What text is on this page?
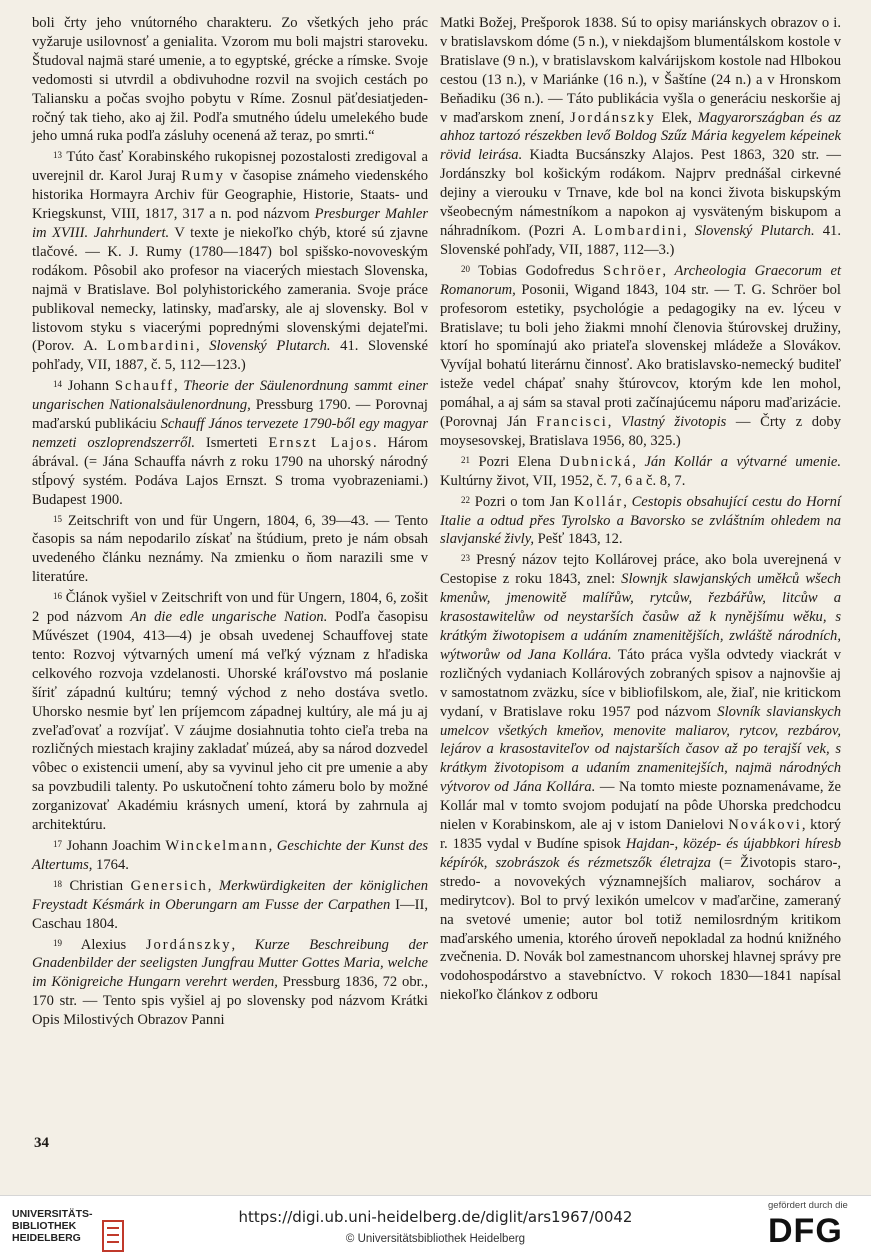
boli črty jeho vnútorného charakteru. Zo všetkých jeho prác vyžaruje usilovnosť a genialita. Vzorom mu boli majstri staroveku. Študoval najmä staré umenie, a to egyptské, grécke a rímske. Svoje vedomosti si utvrdil a obdivuhodne rozvil na svojich cestách po Taliansku a počas svojho pobytu v Ríme. Zosnul päťdesiatjeden-ročný tak tieho, ako aj žil. Podľa smutného údelu umelekého bude jeho umná ruka podľa zásluhy ocenená až teraz, po smrti.“

$^{13}$ Túto časť Korabinského rukopisnej pozostalosti zredigoval a uverejnil dr. Karol Juraj Rumy v časopise známeho viedenského historika Hormayra Archiv für Geographie, Historie, Staats- und Kriegskunst, VIII, 1817, 317 a n. pod názvom Presburger Mahler im XVIII. Jahrhundert. V texte je niekoľko chýb, ktoré sú zjavne tlačové. — K. J. Rumy (1780—1847) bol spišsko-novoveským rodákom. Pôsobil ako profesor na viacerých miestach Slovenska, najmä v Bratislave. Bol polyhistorického zamerania. Svoje práce publikoval nemecky, latinsky, maďarsky, ale aj slovensky. Bol v listovom styku s viacerými poprednými slovenskými dejateľmi. (Porov. A. Lombardini, Slovenský Plutarch. 41. Slovenské pohľady, VII, 1887, č. 5, 112—123.)

$^{14}$ Johann Schauff, Theorie der Säulenordnung sammt einer ungarischen Nationalsäulenordnung, Pressburg 1790. — Porovnaj maďarskú publikáciu Schauff János tervezete 1790-ből egy magyar nemzeti oszloprendszerről. Ismerteti Ernszt Lajos. Három ábrával. (= Jána Schauffa návrh z roku 1790 na uhorský národný stĺpový systém. Podáva Lajos Ernszt. S troma vyobrazeniami.) Budapest 1900.

$^{15}$ Zeitschrift von und für Ungern, 1804, 6, 39—43. — Tento časopis sa nám nepodarilo získať na štúdium, preto je nám obsah uvedeného článku neznámy. Na zmienku o ňom narazili sme v literatúre.

$^{16}$ Článok vyšiel v Zeitschrift von und für Ungern, 1804, 6, zošit 2 pod názvom An die edle ungarische Nation. Podľa časopisu Művészet (1904, 413—4) je obsah uvedenej Schauffovej state tento: Rozvoj výtvarných umení má veľký význam z hľadiska celkového rozvoja vzdelanosti. Uhorské kráľovstvo má poslanie šíriť západnú kultúru; temný východ z neho dostáva svetlo. Uhorsko nesmie byť len príjemcom západnej kultúry, ale má ju aj zveľaďovať a rozvíjať. V záujme dosiahnutia tohto cieľa treba na rozličných miestach krajiny zakladať múzeá, aby sa národ dozvedel vôbec o existencii umení, aby sa vyvinul jeho cit pre umenie a aby sa povzbudili talenty. Po uskutočnení tohto zámeru bolo by možné zorganizovať Akadémiu krásnych umení, ktorá by zahrnula aj architektúru.

$^{17}$ Johann Joachim Winckelmann, Geschichte der Kunst des Altertums, 1764.

$^{18}$ Christian Genersich, Merkwürdigkeiten der königlichen Freystadt Késmárk in Oberungarn am Fusse der Carpathen I—II, Caschau 1804.

$^{19}$ Alexius Jordánszky, Kurze Beschreibung der Gnadenbilder der seeligsten Jungfrau Mutter Gottes Maria, welche im Königreiche Hungarn verehrt werden, Pressburg 1836, 72 obr., 170 str. — Tento spis vyšiel aj po slovensky pod názvom Krátki Opis Milostivých Obrazov Panni

Matki Božej, Prešporok 1838. Sú to opisy mariánskych obrazov o i. v bratislavskom dóme (5 n.), v niekdajšom blumentálskom kostole v Bratislave (9 n.), v bratislavskom kalvárijskom kostole nad Hlbokou cestou (13 n.), v Mariánke (16 n.), v Šaštíne (24 n.) a v Hronskom Beňadiku (36 n.). — Táto publikácia vyšla o generáciu neskoršie aj v maďarskom znení, Jordánszky Elek, Magyarországban és az ahhoz tartozó részekben levő Boldog Szűz Mária kegyelem képeinek rövid leirása. Kiadta Bucsánszky Alajos. Pest 1863, 320 str. — Jordánszky bol košickým rodákom. Najprv prednášal cirkevné dejiny a vierouku v Trnave, kde bol na konci života biskupským všeobecným námestníkom a napokon aj vysväteným biskupom a náhradníkom. (Pozri A. Lombardini, Slovenský Plutarch. 41. Slovenské pohľady, VII, 1887, 112—3.)

$^{20}$ Tobias Godofredus Schröer, Archeologia Graecorum et Romanorum, Posonii, Wigand 1843, 104 str. — T. G. Schröer bol profesorom estetiky, psychológie a pedagogiky na ev. lýceu v Bratislave; tu boli jeho žiakmi mnohí členovia štúrovskej družiny, ktorí ho spomínajú ako priateľa slovenskej mládeže a Slovákov. Vyvíjal bohatú literárnu činnosť. Ako bratislavsko-nemecký buditeľ isteže vedel chápať snahy štúrovcov, ktorým kde len mohol, pomáhal, a aj sám sa staval proti začínajúcemu náporu maďarizácie. (Porovnaj Ján Francisci, Vlastný životopis — Črty z doby moysesovskej, Bratislava 1956, 80, 325.)

$^{21}$ Pozri Elena Dubnická, Ján Kollár a výtvarné umenie. Kultúrny život, VII, 1952, č. 7, 6 a č. 8, 7.

$^{22}$ Pozri o tom Jan Kollár, Cestopis obsahující cestu do Horní Italie a odtud přes Tyrolsko a Bavorsko se zvláštním ohledem na slavjanské živly, Pešť 1843, 12.

$^{23}$ Presný názov tejto Kollárovej práce, ako bola uverejnená v Cestopise z roku 1843, znel: Slownjk slawjanských uměłců wšech kmenůw, jmenowitě malířůw, rytcůw, řezbářůw, litcůw a krasostawitelůw od neystarších časůw až k nynějšímu wěku, s krátkým žiwotopisem a udáním znamenitějších, zwláště národních, wýtworůw od Jana Kollára. Táto práca vyšla odvtedy viackrát v rozličných vydaniach Kollárových zobraných spisov a najnovšie aj v samostatnom zväzku, síce v bibliofilskom, ale, žiaľ, nie kritickom vydaní, v Bratislave roku 1957 pod názvom Slovník slavianskych umelcov všetkých kmeňov, menovite maliarov, rytcov, rezbárov, lejárov a krasostaviteľov od najstarších časov až po terajší vek, s krátkym životopisom a udaním znamenitejších, najmä národných výtvorov od Jána Kollára. — Na tomto mieste poznamenávame, že Kollár mal v tomto svojom podujatí na pôde Uhorska predchodcu nielen v Korabinskom, ale aj v istom Danielovi Novákovi, ktorý r. 1835 vydal v Budíne spisok Hajdan-, közép- és újabbkori híresb képírók, szobrászok és rézmetszők életrajza (= Životopis staro-, stredo- a novovekých významnejších maliarov, sochárov a medirytcov). Bol to prvý lexikón umelcov v maďarčine, zameraný na svetové umenie; autor bol totiž nemilosrdným kritikom maďarského umenia, ktorého úroveň nepokladal za hodnú knižného zvečnenia. D. Novák bol zamestnancom uhorskej hlavnej správy pre vodohospodárstvo a stavebníctvo. V rokoch 1830—1841 napísal niekoľko článkov z odboru

34
UNIVERSITÄTS-
BIBLIOTHEK
HEIDELBERG
https://digi.ub.uni-heidelberg.de/diglit/ars1967/0042
© Universitätsbibliothek Heidelberg
gefördert durch die
DFG
